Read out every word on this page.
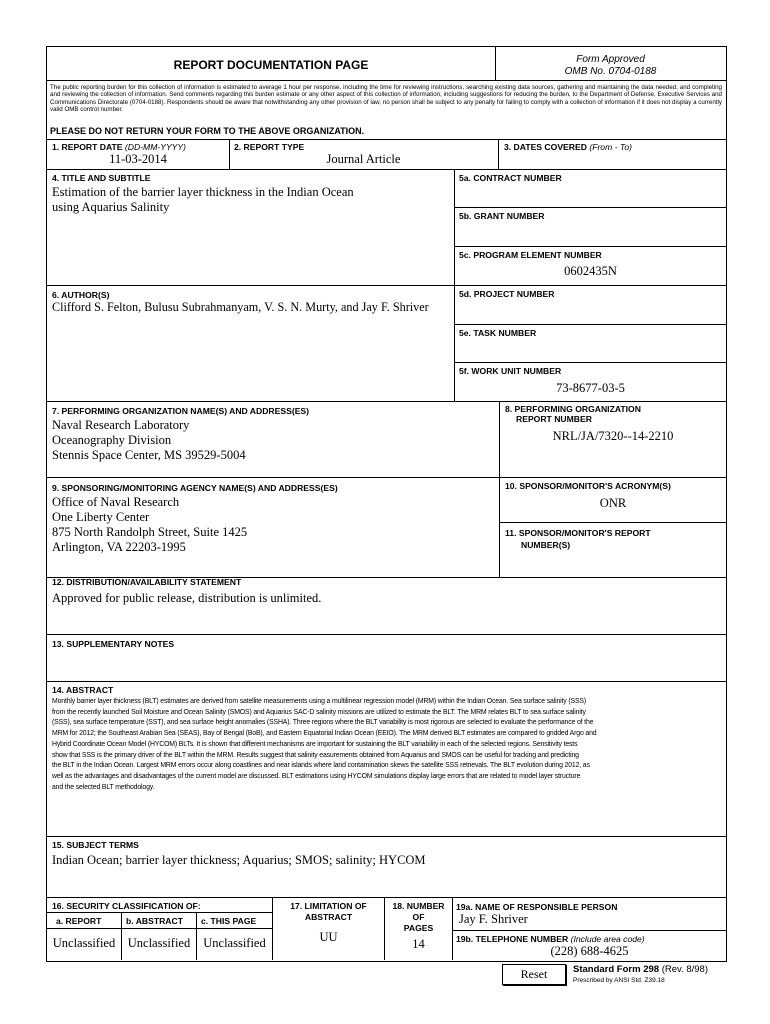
REPORT DOCUMENTATION PAGE	Form Approved
OMB No. 0704-0188
The public reporting burden for this collection of information is estimated to average 1 hour per response, including the time for reviewing instructions, searching existing data sources, gathering and maintaining the data needed, and completing and reviewing the collection of information. Send comments regarding this burden estimate or any other aspect of this collection of information, including suggestions for reducing the burden, to the Department of Defense, Executive Services and Communications Directorate (0704-0188). Respondents should be aware that notwithstanding any other provision of law, no person shall be subject to any penalty for failing to comply with a collection of information if it does not display a currently valid OMB control number.
PLEASE DO NOT RETURN YOUR FORM TO THE ABOVE ORGANIZATION.
1. REPORT DATE (DD-MM-YYYY)
11-03-2014
2. REPORT TYPE
Journal Article
3. DATES COVERED (From - To)
4. TITLE AND SUBTITLE
Estimation of the barrier layer thickness in the Indian Ocean
using Aquarius Salinity
5a. CONTRACT NUMBER
5b. GRANT NUMBER
5c. PROGRAM ELEMENT NUMBER
0602435N
6. AUTHOR(S)
Clifford S. Felton, Bulusu Subrahmanyam, V. S. N. Murty, and Jay F. Shriver
5d. PROJECT NUMBER
5e. TASK NUMBER
5f. WORK UNIT NUMBER
73-8677-03-5
7. PERFORMING ORGANIZATION NAME(S) AND ADDRESS(ES)
Naval Research Laboratory
Oceanography Division
Stennis Space Center, MS 39529-5004
8. PERFORMING ORGANIZATION
REPORT NUMBER
NRL/JA/7320--14-2210
9. SPONSORING/MONITORING AGENCY NAME(S) AND ADDRESS(ES)
Office of Naval Research
One Liberty Center
875 North Randolph Street, Suite 1425
Arlington, VA 22203-1995
10. SPONSOR/MONITOR'S ACRONYM(S)
ONR
11. SPONSOR/MONITOR'S REPORT
NUMBER(S)
12. DISTRIBUTION/AVAILABILITY STATEMENT
Approved for public release, distribution is unlimited.
13. SUPPLEMENTARY NOTES
14. ABSTRACT
Monthly barrier layer thickness (BLT) estimates are derived from satellite measurements using a multilinear regression model (MRM) within the Indian Ocean. Sea surface salinity (SSS)
from the recently launched Soil Moisture and Ocean Salinity (SMOS) and Aquarius SAC-D salinity missions are utilized to estimate the BLT. The MRM relates BLT to sea surface salinity
(SSS), sea surface temperature (SST), and sea surface height anomalies (SSHA). Three regions where the BLT variability is most rigorous are selected to evaluate the performance of the
MRM for 2012; the Southeast Arabian Sea (SEAS), Bay of Bengal (BoB), and Eastern Equatorial Indian Ocean (EEIO). The MRM derived BLT estimates are compared to gridded Argo and
Hybrid Coordinate Ocean Model (HYCOM) BLTs. It is shown that different mechanisms are important for sustaining the BLT variability in each of the selected regions. Sensitivity tests
show that SSS is the primary driver of the BLT within the MRM. Results suggest that salinity easurements obtained from Aquarius and SMOS can be useful for tracking and predicting
the BLT in the Indian Ocean. Largest MRM errors occur along coastlines and near islands where land contamination skews the satellite SSS retrievals. The BLT evolution during 2012, as
well as the advantages and disadvantages of the current model are discussed. BLT estimations using HYCOM simulations display large errors that are related to model layer structure
and the selected BLT methodology.
15. SUBJECT TERMS
Indian Ocean; barrier layer thickness; Aquarius; SMOS; salinity; HYCOM
16. SECURITY CLASSIFICATION OF:
a. REPORT	b. ABSTRACT c. THIS PAGE
Unclassified	Unclassified	Unclassified
17. LIMITATION OF
ABSTRACT
UU
18. NUMBER
OF
PAGES
14
19a. NAME OF RESPONSIBLE PERSON
Jay F. Shriver
19b. TELEPHONE NUMBER (Include area code)
(228) 688-4625
Reset	Standard Form 298 (Rev. 8/98)
Prescribed by ANSI Std. Z39.18
